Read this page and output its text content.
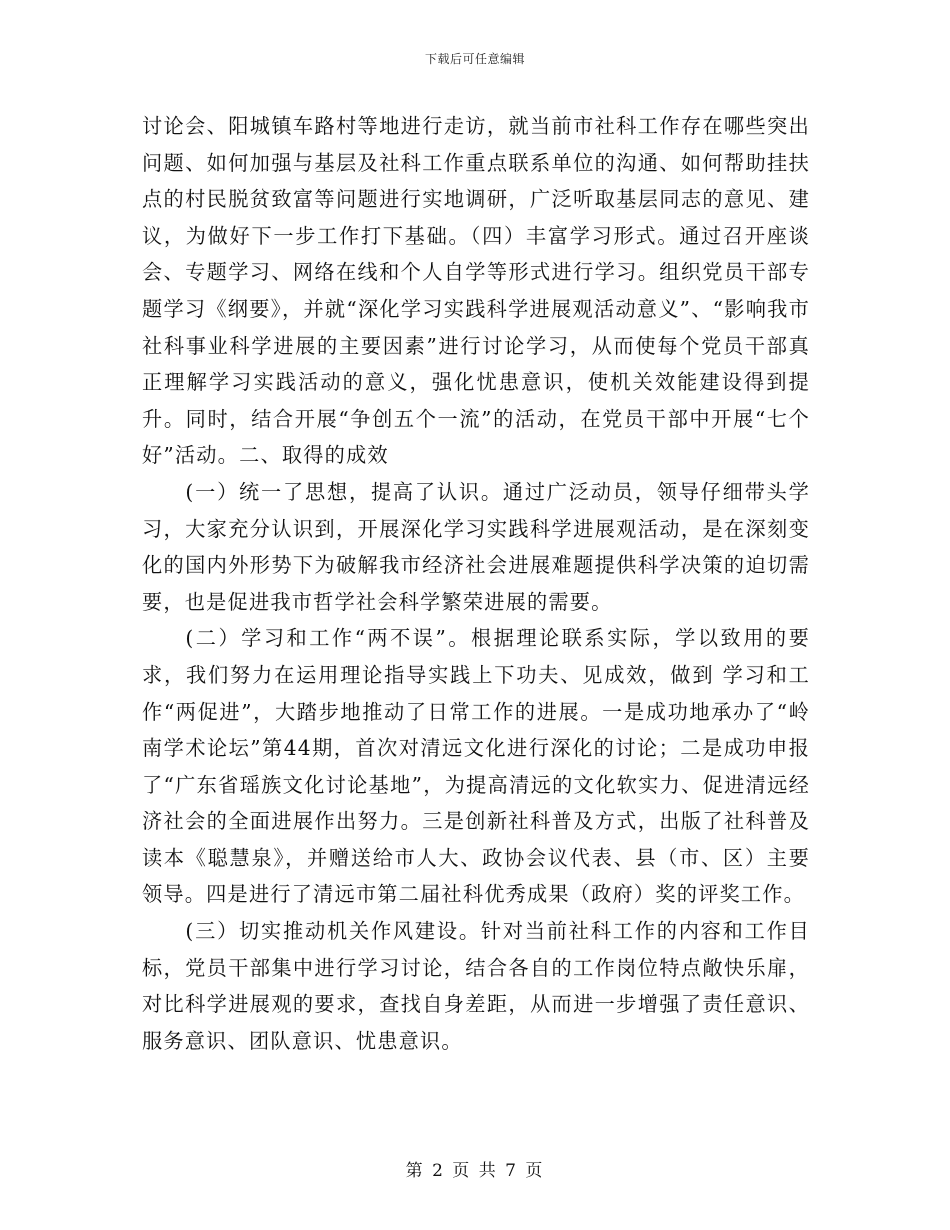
下载后可任意编辑

讨论会、阳城镇车路村等地进行走访，就当前市社科工作存在哪些突出问题、如何加强与基层及社科工作重点联系单位的沟通、如何帮助挂扶点的村民脱贫致富等问题进行实地调研，广泛听取基层同志的意见、建议，为做好下一步工作打下基础。（四）丰富学习形式。通过召开座谈会、专题学习、网络在线和个人自学等形式进行学习。组织党员干部专题学习《纲要》，并就“深化学习实践科学进展观活动意义”、“影响我市社科事业科学进展的主要因素”进行讨论学习，从而使每个党员干部真正理解学习实践活动的意义，强化忧患意识，使机关效能建设得到提升。同时，结合开展“争创五个一流”的活动，在党员干部中开展“七个好”活动。二、取得的成效

(一）统一了思想，提高了认识。通过广泛动员，领导仔细带头学习，大家充分认识到，开展深化学习实践科学进展观活动，是在深刻变化的国内外形势下为破解我市经济社会进展难题提供科学决策的迫切需要，也是促进我市哲学社会科学繁荣进展的需要。

(二）学习和工作“两不误”。根据理论联系实际，学以致用的要求，我们努力在运用理论指导实践上下功夫、见成效，做到 学习和工作“两促进”，大踏步地推动了日常工作的进展。一是成功地承办了“岭南学术论坛”第44期，首次对清远文化进行深化的讨论；二是成功申报了“广东省瑶族文化讨论基地”，为提高清远的文化软实力、促进清远经济社会的全面进展作出努力。三是创新社科普及方式，出版了社科普及读本《聪慧泉》，并赠送给市人大、政协会议代表、县（市、区）主要领导。四是进行了清远市第二届社科优秀成果（政府）奖的评奖工作。

(三）切实推动机关作风建设。针对当前社科工作的内容和工作目标，党员干部集中进行学习讨论，结合各自的工作岗位特点敞快乐扉，对比科学进展观的要求，查找自身差距，从而进一步增强了责任意识、服务意识、团队意识、忧患意识。

第 2 页 共 7 页
